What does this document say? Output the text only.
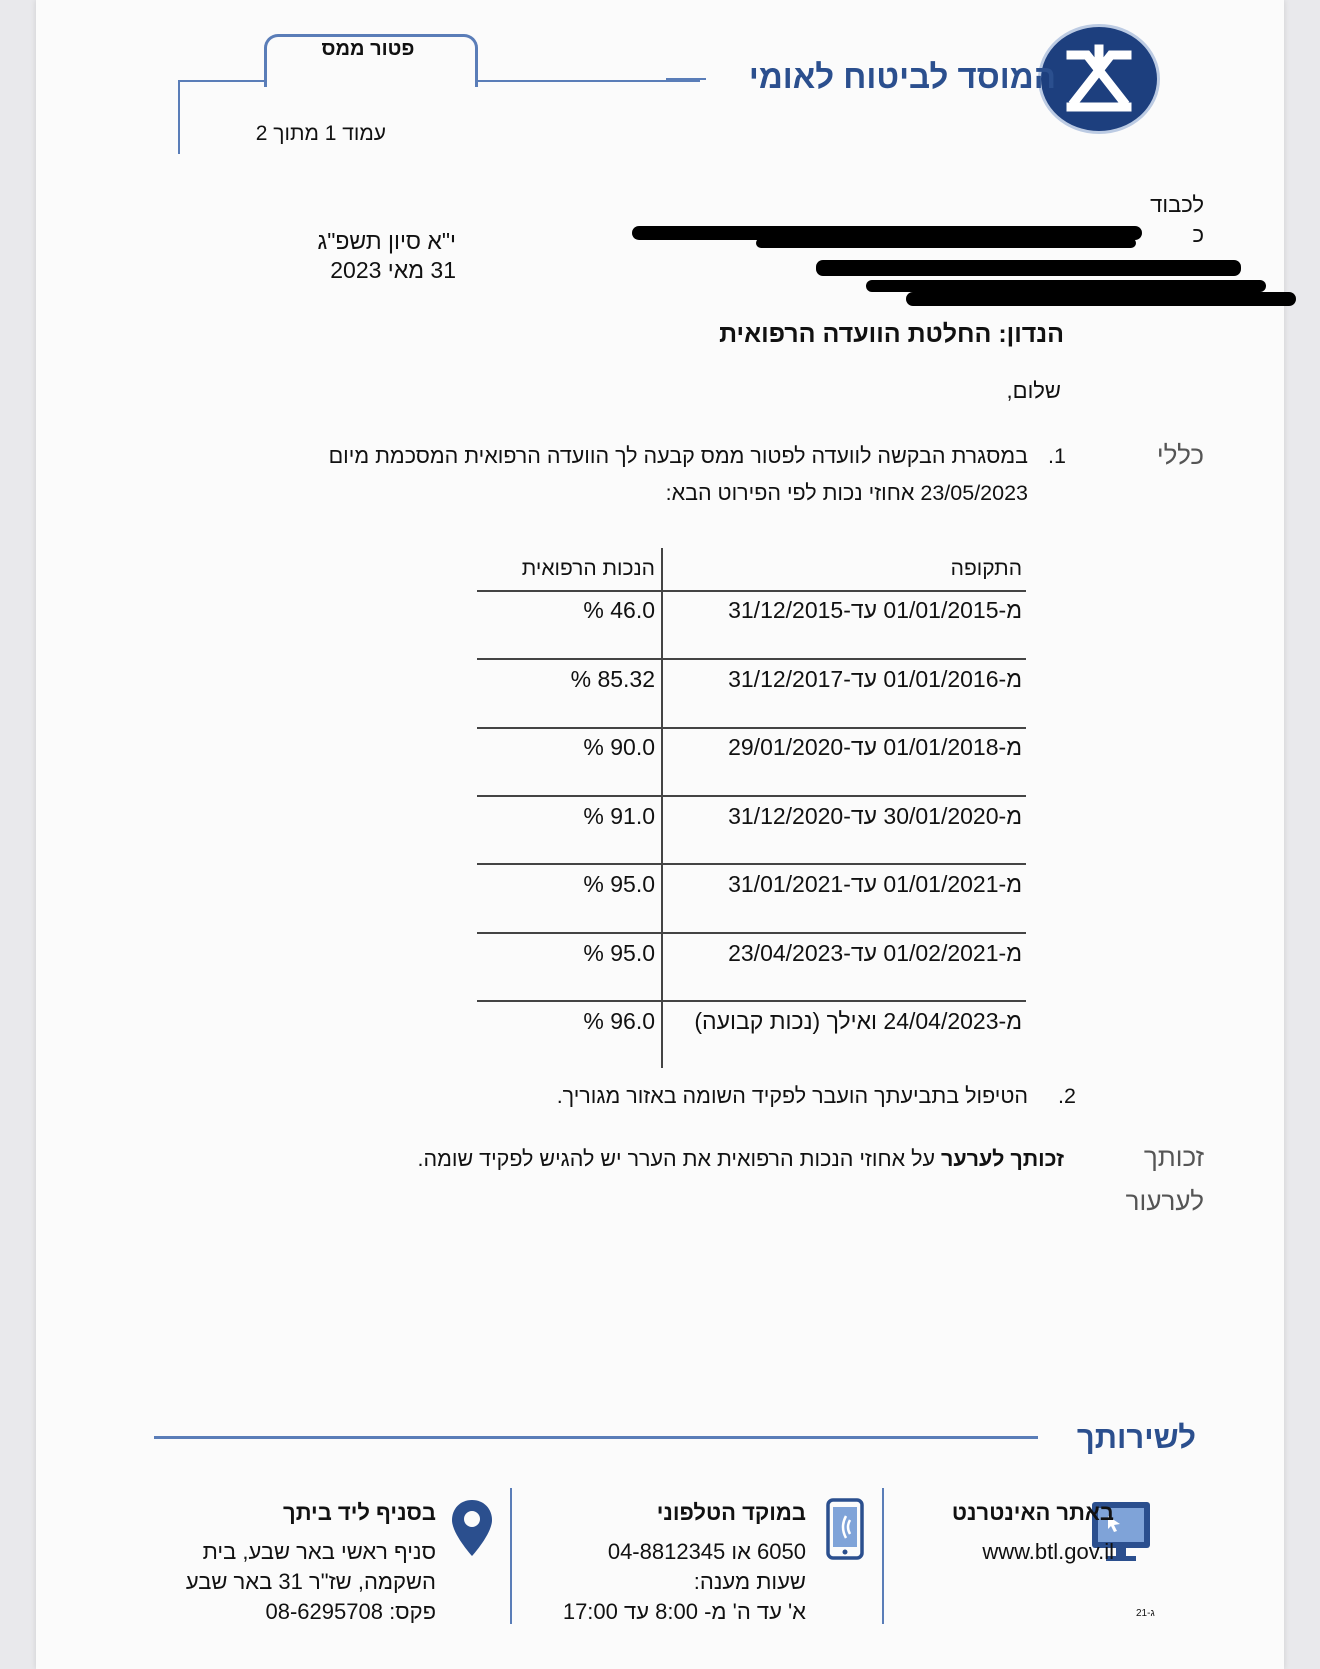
המוסד לביטוח לאומי
פטור ממס
עמוד 1 מתוך 2
לכבוד
כ
י"א סיון תשפ"ג
31 מאי 2023
הנדון: החלטת הוועדה הרפואית
שלום,
כללי
1.
במסגרת הבקשה לוועדה לפטור ממס קבעה לך הוועדה הרפואית המסכמת מיום
23/05/2023 אחוזי נכות לפי הפירוט הבא:
התקופה
הנכות הרפואית
מ-01/01/2015 עד-31/12/2015
46.0 %
מ-01/01/2016 עד-31/12/2017
85.32 %
מ-01/01/2018 עד-29/01/2020
90.0 %
מ-30/01/2020 עד-31/12/2020
91.0 %
מ-01/01/2021 עד-31/01/2021
95.0 %
מ-01/02/2021 עד-23/04/2023
95.0 %
מ-24/04/2023 ואילך (נכות קבועה)
96.0 %
2.
הטיפול בתביעתך הועבר לפקיד השומה באזור מגוריך.
זכותך
לערעור
זכותך לערער על אחוזי הנכות הרפואית את הערר יש להגיש לפקיד שומה.
לשירותך
באתר האינטרנט
www.btl.gov.il
ג-21
במוקד הטלפוני
6050 או 04-8812345
שעות מענה:
א' עד ה' מ- 8:00 עד 17:00
בסניף ליד ביתך
סניף ראשי באר שבע, בית
השקמה, שז"ר 31 באר שבע
פקס: 08-6295708
